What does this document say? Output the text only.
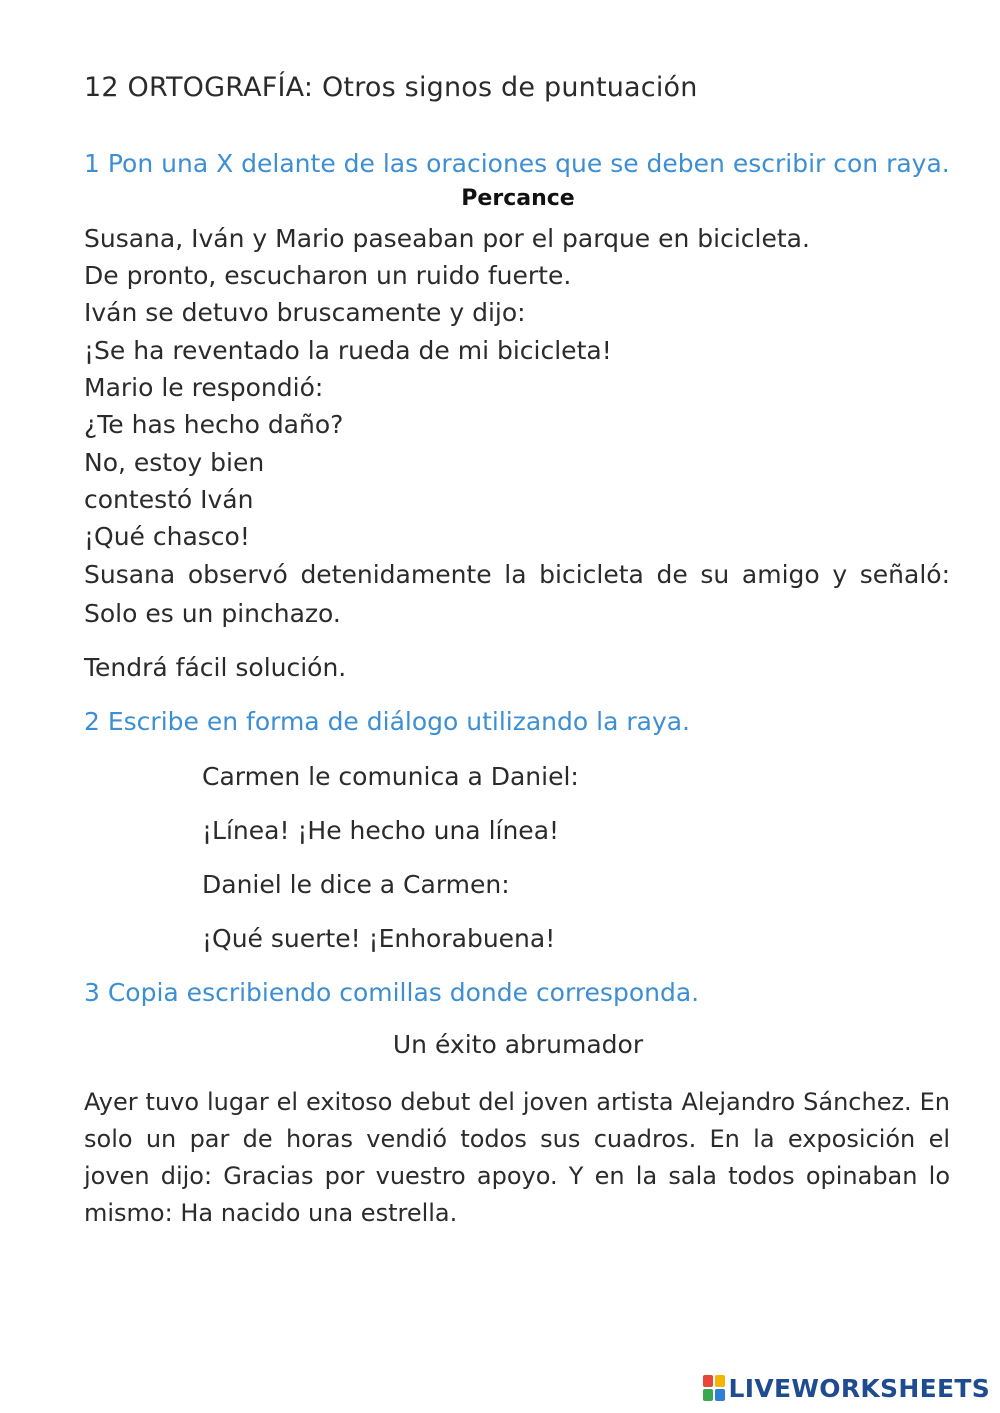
12 ORTOGRAFÍA: Otros signos de puntuación
1 Pon una X delante de las oraciones que se deben escribir con raya.
Percance
Susana, Iván y Mario paseaban por el parque en bicicleta.
De pronto, escucharon un ruido fuerte.
Iván se detuvo bruscamente y dijo:
¡Se ha reventado la rueda de mi bicicleta!
Mario le respondió:
¿Te has hecho daño?
No, estoy bien
contestó Iván
¡Qué chasco!
Susana observó detenidamente la bicicleta de su amigo y señaló:
Solo es un pinchazo.
Tendrá fácil solución.
2 Escribe en forma de diálogo utilizando la raya.
Carmen le comunica a Daniel:
¡Línea! ¡He hecho una línea!
Daniel le dice a Carmen:
¡Qué suerte! ¡Enhorabuena!
3 Copia escribiendo comillas donde corresponda.
Un éxito abrumador
Ayer tuvo lugar el exitoso debut del joven artista Alejandro Sánchez. En solo un par de horas vendió todos sus cuadros. En la exposición el joven dijo: Gracias por vuestro apoyo. Y en la sala todos opinaban lo mismo: Ha nacido una estrella.
LIVEWORKSHEETS
